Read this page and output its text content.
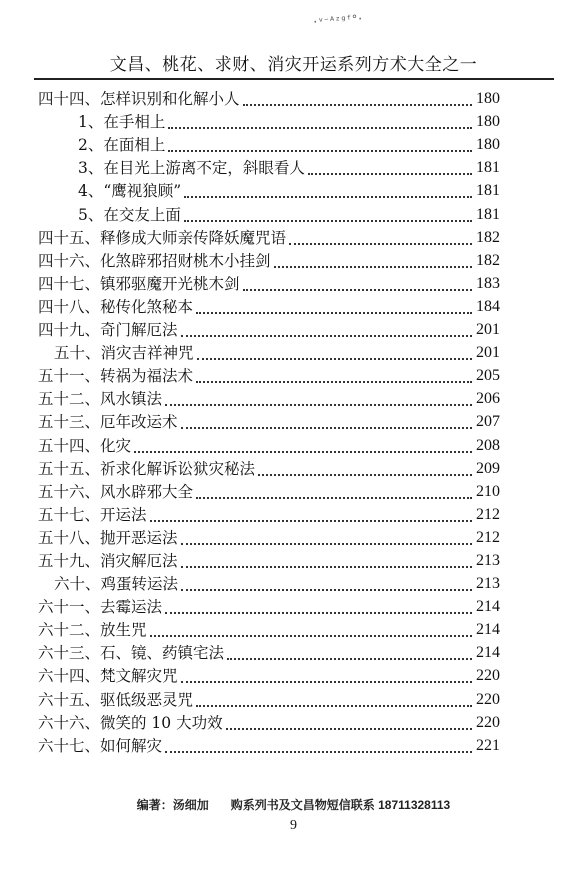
·ᵛ⁻ᴬᶻᵍᶠ°·
文昌、桃花、求财、消灾开运系列方术大全之一
四十四、怎样识别和化解小人	180
1、在手相上	180
2、在面相上	180
3、在目光上游离不定，斜眼看人	181
4、“鹰视狼顾”	181
5、在交友上面	181
四十五、释修成大师亲传降妖魔咒语	182
四十六、化煞辟邪招财桃木小挂剑	182
四十七、镇邪驱魔开光桃木剑	183
四十八、秘传化煞秘本	184
四十九、奇门解厄法	201
五十、消灾吉祥神咒	201
五十一、转祸为福法术	205
五十二、风水镇法	206
五十三、厄年改运术	207
五十四、化灾	208
五十五、祈求化解诉讼狱灾秘法	209
五十六、风水辟邪大全	210
五十七、开运法	212
五十八、抛开恶运法	212
五十九、消灾解厄法	213
六十、鸡蛋转运法	213
六十一、去霉运法	214
六十二、放生咒	214
六十三、石、镜、药镇宅法	214
六十四、梵文解灾咒	220
六十五、驱低级恶灵咒	220
六十六、微笑的 10 大功效	220
六十七、如何解灾	221
编著：汤细加 购系列书及文昌物短信联系 18711328113
9
